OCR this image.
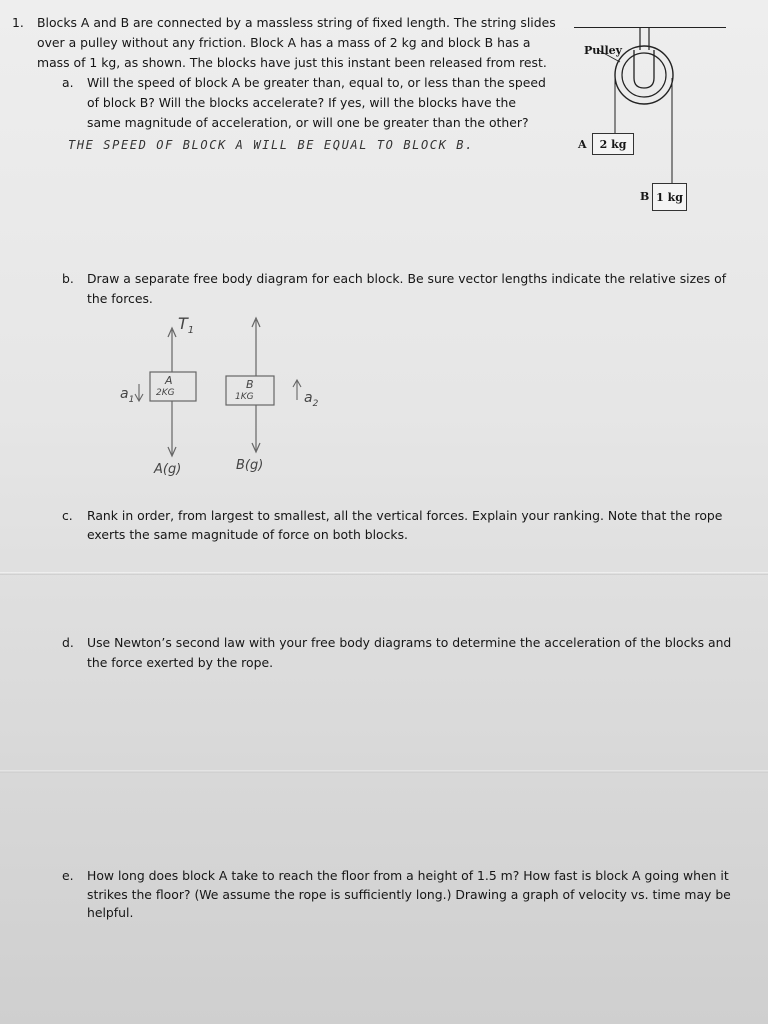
1. Blocks A and B are connected by a massless string of fixed length. The string slides

over a pulley without any friction. Block A has a mass of 2 kg and block B has a

mass of 1 kg, as shown. The blocks have just this instant been released from rest.

a. Will the speed of block A be greater than, equal to, or less than the speed

of block B? Will the blocks accelerate? If yes, will the blocks have the

same magnitude of acceleration, or will one be greater than the other?

THE SPEED OF BLOCK A WILL BE EQUAL TO BLOCK B.
Pulley
A 2 kg
B 1 kg
b. Draw a separate free body diagram for each block. Be sure vector lengths indicate the relative sizes of

the forces.

$T_1$
A
2KG
$a_1$
A(g)
B
1KG	$a_2$
B(g)
c. Rank in order, from largest to smallest, all the vertical forces. Explain your ranking. Note that the rope

exerts the same magnitude of force on both blocks.

d. Use Newton’s second law with your free body diagrams to determine the acceleration of the blocks and

the force exerted by the rope.

e. How long does block A take to reach the floor from a height of 1.5 m? How fast is block A going when it

strikes the floor? (We assume the rope is sufficiently long.) Drawing a graph of velocity vs. time may be

helpful.
